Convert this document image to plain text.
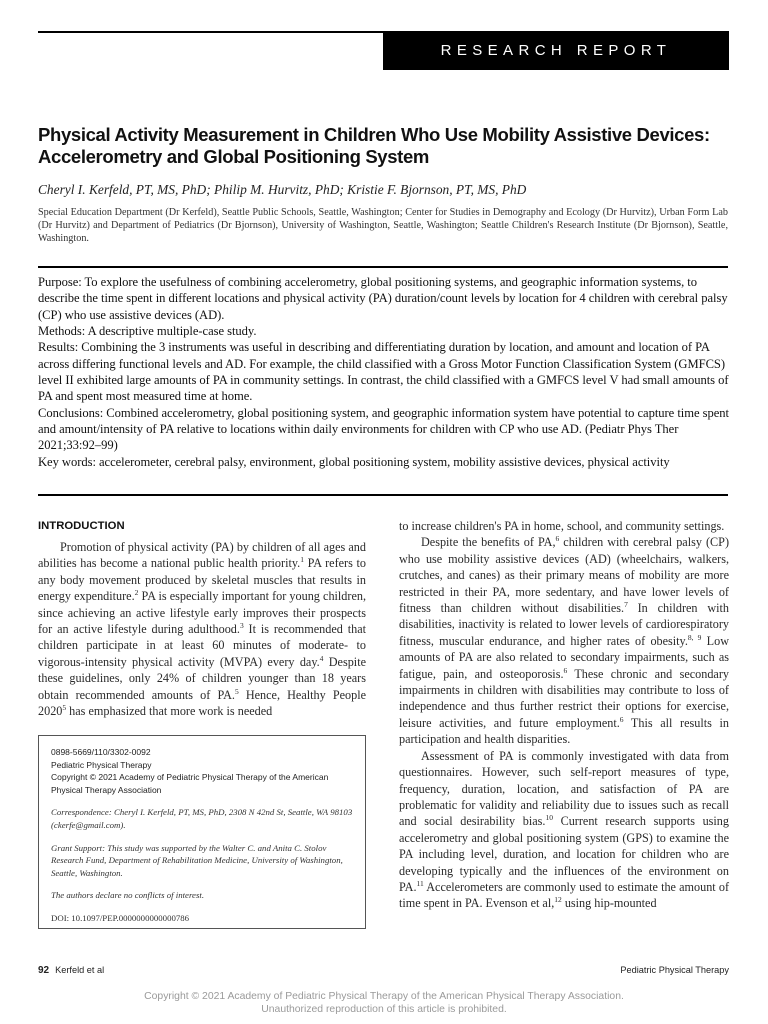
RESEARCH REPORT
Physical Activity Measurement in Children Who Use Mobility Assistive Devices: Accelerometry and Global Positioning System
Cheryl I. Kerfeld, PT, MS, PhD; Philip M. Hurvitz, PhD; Kristie F. Bjornson, PT, MS, PhD
Special Education Department (Dr Kerfeld), Seattle Public Schools, Seattle, Washington; Center for Studies in Demography and Ecology (Dr Hurvitz), Urban Form Lab (Dr Hurvitz) and Department of Pediatrics (Dr Bjornson), University of Washington, Seattle, Washington; Seattle Children's Research Institute (Dr Bjornson), Seattle, Washington.

Purpose: To explore the usefulness of combining accelerometry, global positioning systems, and geographic information systems, to describe the time spent in different locations and physical activity (PA) duration/count levels by location for 4 children with cerebral palsy (CP) who use assistive devices (AD).

Methods: A descriptive multiple-case study.

Results: Combining the 3 instruments was useful in describing and differentiating duration by location, and amount and location of PA across differing functional levels and AD. For example, the child classified with a Gross Motor Function Classification System (GMFCS) level II exhibited large amounts of PA in community settings. In contrast, the child classified with a GMFCS level V had small amounts of PA and spent most measured time at home.

Conclusions: Combined accelerometry, global positioning system, and geographic information system have potential to capture time spent and amount/intensity of PA relative to locations within daily environments for children with CP who use AD. (Pediatr Phys Ther 2021;33:92–99)

Key words: accelerometer, cerebral palsy, environment, global positioning system, mobility assistive devices, physical activity

INTRODUCTION

Promotion of physical activity (PA) by children of all ages and abilities has become a national public health priority.$^1$ PA refers to any body movement produced by skeletal muscles that results in energy expenditure.$^2$ PA is especially important for young children, since achieving an active lifestyle early improves their prospects for an active lifestyle during adulthood.$^3$ It is recommended that children participate in at least 60 minutes of moderate- to vigorous-intensity physical activity (MVPA) every day.$^4$ Despite these guidelines, only 24% of children younger than 18 years obtain recommended amounts of PA.$^5$ Hence, Healthy People 2020$^5$ has emphasized that more work is needed

0898-5669/110/3302-0092
Pediatric Physical Therapy
Copyright © 2021 Academy of Pediatric Physical Therapy of the American
Physical Therapy Association
Correspondence: Cheryl I. Kerfeld, PT, MS, PhD, 2308 N 42nd St, Seattle, WA 98103 (ckerfe@gmail.com).
Grant Support: This study was supported by the Walter C. and Anita C. Stolov Research Fund, Department of Rehabilitation Medicine, University of Washington, Seattle, Washington.
The authors declare no conflicts of interest.
DOI: 10.1097/PEP.0000000000000786

to increase children's PA in home, school, and community settings.

Despite the benefits of PA,$^6$ children with cerebral palsy (CP) who use mobility assistive devices (AD) (wheelchairs, walkers, crutches, and canes) as their primary means of mobility are more restricted in their PA, more sedentary, and have lower levels of fitness than children without disabilities.$^7$ In children with disabilities, inactivity is related to lower levels of cardiorespiratory fitness, muscular endurance, and higher rates of obesity.$^{8, 9}$ Low amounts of PA are also related to secondary impairments, such as fatigue, pain, and osteoporosis.$^6$ These chronic and secondary impairments in children with disabilities may contribute to loss of independence and thus further restrict their options for exercise, leisure activities, and future employment.$^6$ This all results in participation and health disparities.

Assessment of PA is commonly investigated with data from questionnaires. However, such self-report measures of type, frequency, duration, location, and satisfaction of PA are problematic for validity and reliability due to issues such as recall and social desirability bias.$^{10}$ Current research supports using accelerometry and global positioning system (GPS) to examine the PA including level, duration, and location for children who are developing typically and the influences of the environment on PA.$^{11}$ Accelerometers are commonly used to estimate the amount of time spent in PA. Evenson et al,$^{12}$ using hip-mounted

92 Kerfeld et al	Pediatric Physical Therapy
Copyright © 2021 Academy of Pediatric Physical Therapy of the American Physical Therapy Association.
Unauthorized reproduction of this article is prohibited.
